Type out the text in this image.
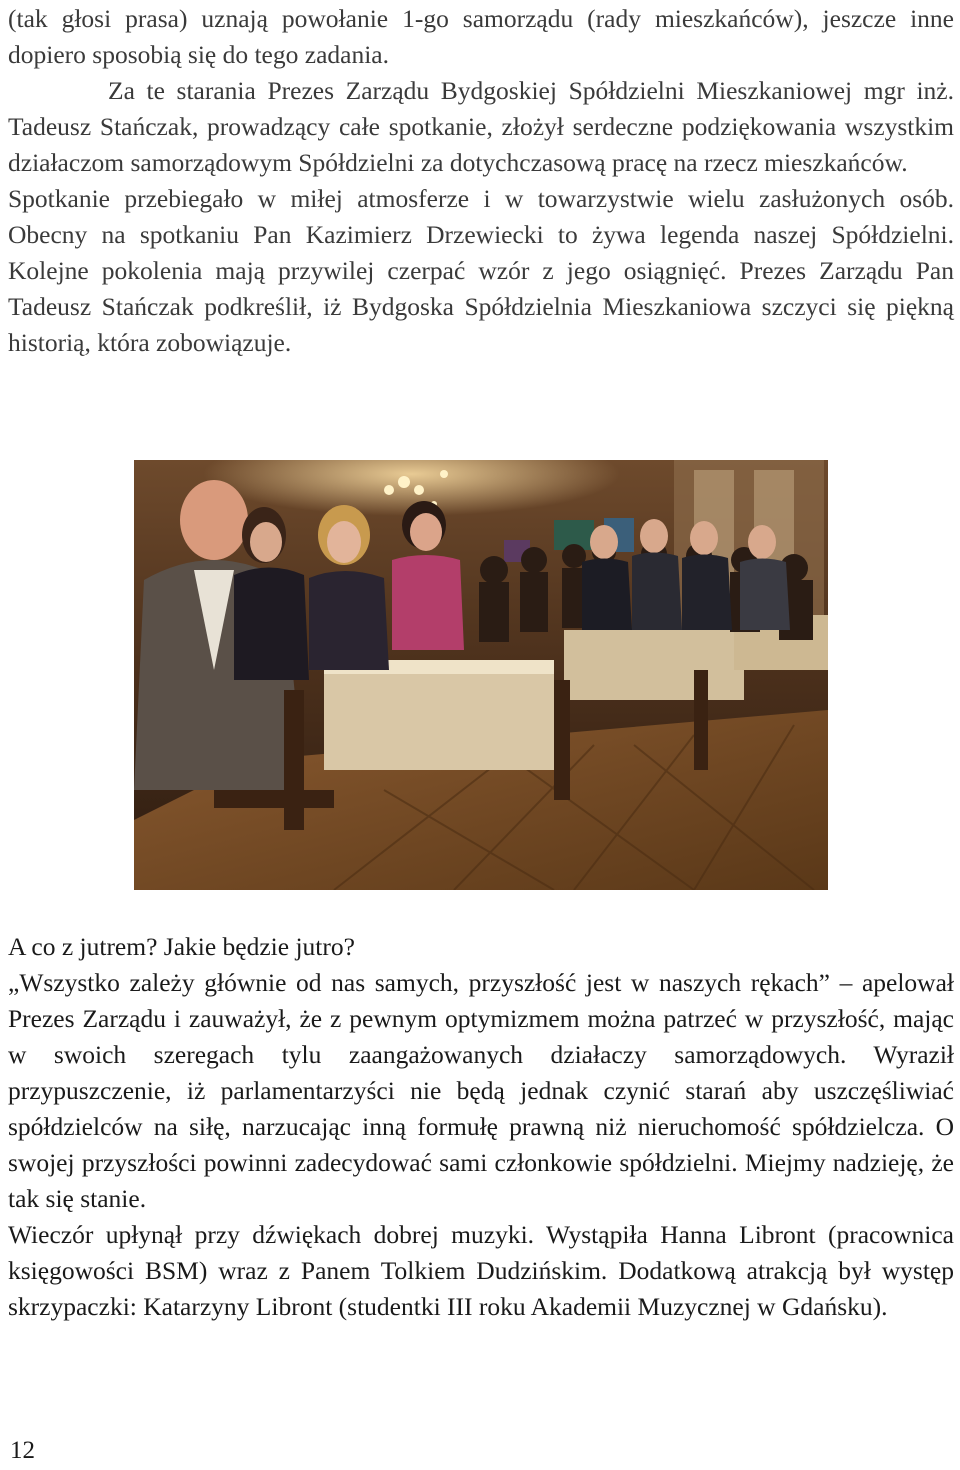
(tak głosi prasa) uznają powołanie 1-go samorządu (rady mieszkańców), jeszcze inne dopiero sposobią się do tego zadania.

Za te starania Prezes Zarządu Bydgoskiej Spółdzielni Mieszkaniowej mgr inż. Tadeusz Stańczak, prowadzący całe spotkanie, złożył serdeczne podziękowania wszystkim działaczom samorządowym Spółdzielni za dotychczasową pracę na rzecz mieszkańców.

Spotkanie przebiegało w miłej atmosferze i w towarzystwie wielu zasłużonych osób. Obecny na spotkaniu Pan Kazimierz Drzewiecki to żywa legenda naszej Spółdzielni. Kolejne pokolenia mają przywilej czerpać wzór z jego osiągnięć. Prezes Zarządu Pan Tadeusz Stańczak podkreślił, iż Bydgoska Spółdzielnia Mieszkaniowa szczyci się piękną historią, która zobowiązuje.

A co z jutrem? Jakie będzie jutro?

„Wszystko zależy głównie od nas samych, przyszłość jest w naszych rękach” – apelował Prezes Zarządu i zauważył, że z pewnym optymizmem można patrzeć w przyszłość, mając w swoich szeregach tylu zaangażowanych działaczy samorządowych. Wyraził przypuszczenie, iż parlamentarzyści nie będą jednak czynić starań aby uszczęśliwiać spółdzielców na siłę, narzucając inną formułę prawną niż nieruchomość spółdzielcza. O swojej przyszłości powinni zadecydować sami członkowie spółdzielni. Miejmy nadzieję, że tak się stanie.

Wieczór upłynął przy dźwiękach dobrej muzyki. Wystąpiła Hanna Libront (pracownica księgowości BSM) wraz z Panem Tolkiem Dudzińskim. Dodatkową atrakcją był występ skrzypaczki: Katarzyny Libront (studentki III roku Akademii Muzycznej w Gdańsku).

12
